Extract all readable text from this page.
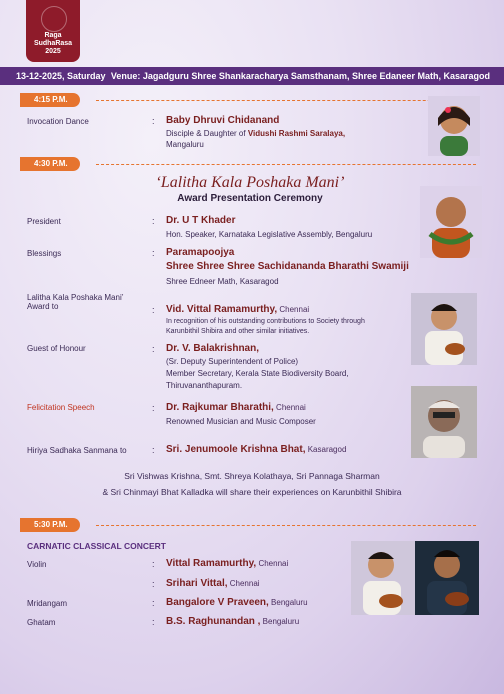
Raga
SudhaRasa
2025
13-12-2025, Saturday Venue: Jagadguru Shree Shankaracharya Samsthanam, Shree Edaneer Math, Kasaragod
4:15 P.M.
Invocation Dance	: Baby Dhruvi Chidanand
Disciple & Daughter of Vidushi Rashmi Saralaya,
Mangaluru
4:30 P.M.
‘Lalitha Kala Poshaka Mani’
Award Presentation Ceremony
President	: Dr. U T Khader
Hon. Speaker, Karnataka Legislative Assembly, Bengaluru
Blessings	: Paramapoojya
Shree Shree Shree Sachidananda Bharathi Swamiji
Shree Edneer Math, Kasaragod
Lalitha Kala Poshaka Mani’
Award to	: Vid. Vittal Ramamurthy, Chennai
In recognition of his outstanding contributions to Society through
Karunbithil Shibira and other similar initiatives.
Guest of Honour	: Dr. V. Balakrishnan,
(Sr. Deputy Superintendent of Police)
Member Secretary, Kerala State Biodiversity Board,
Thiruvananthapuram.
Felicitation Speech	: Dr. Rajkumar Bharathi, Chennai
Renowned Musician and Music Composer
Hiriya Sadhaka Sanmana to	: Sri. Jenumoole Krishna Bhat, Kasaragod
Sri Vishwas Krishna, Smt. Shreya Kolathaya, Sri Pannaga Sharman
& Sri Chinmayi Bhat Kalladka will share their experiences on Karunbithil Shibira
5:30 P.M.
CARNATIC CLASSICAL CONCERT
Violin	: Vittal Ramamurthy, Chennai
: Srihari Vittal, Chennai
Mridangam	: Bangalore V Praveen, Bengaluru
Ghatam	: B.S. Raghunandan , Bengaluru
